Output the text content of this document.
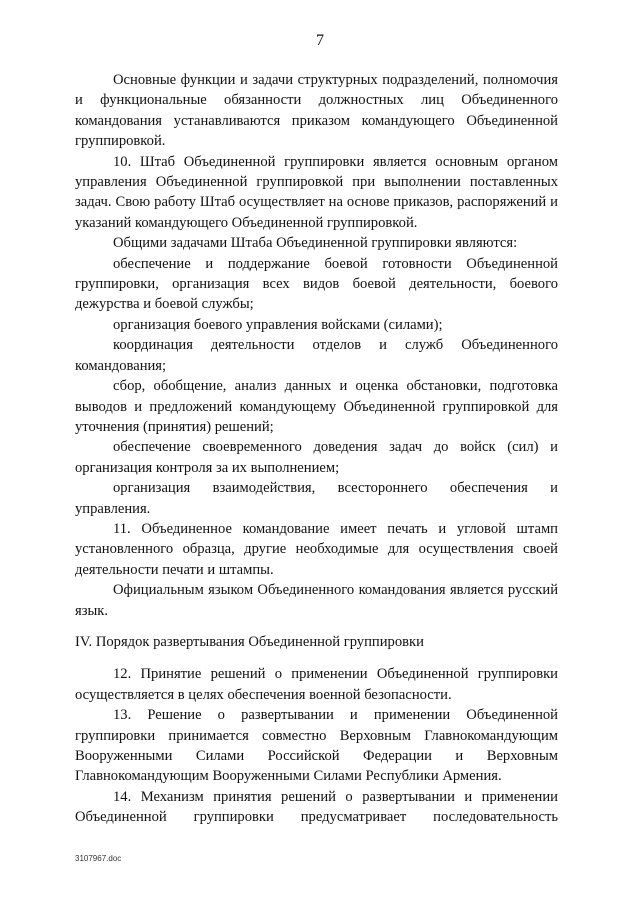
7

Основные функции и задачи структурных подразделений, полномочия и функциональные обязанности должностных лиц Объединенного командования устанавливаются приказом командующего Объединенной группировкой.

10. Штаб Объединенной группировки является основным органом управления Объединенной группировкой при выполнении поставленных задач. Свою работу Штаб осуществляет на основе приказов, распоряжений и указаний командующего Объединенной группировкой.

Общими задачами Штаба Объединенной группировки являются:

обеспечение и поддержание боевой готовности Объединенной группировки, организация всех видов боевой деятельности, боевого дежурства и боевой службы;

организация боевого управления войсками (силами);

координация деятельности отделов и служб Объединенного командования;

сбор, обобщение, анализ данных и оценка обстановки, подготовка выводов и предложений командующему Объединенной группировкой для уточнения (принятия) решений;

обеспечение своевременного доведения задач до войск (сил) и организация контроля за их выполнением;

организация взаимодействия, всестороннего обеспечения и управления.

11. Объединенное командование имеет печать и угловой штамп установленного образца, другие необходимые для осуществления своей деятельности печати и штампы.

Официальным языком Объединенного командования является русский язык.

IV. Порядок развертывания Объединенной группировки

12. Принятие решений о применении Объединенной группировки осуществляется в целях обеспечения военной безопасности.

13. Решение о развертывании и применении Объединенной группировки принимается совместно Верховным Главнокомандующим Вооруженными Силами Российской Федерации и Верховным Главнокомандующим Вооруженными Силами Республики Армения.

14. Механизм принятия решений о развертывании и применении Объединенной группировки предусматривает последовательность

3107967.doc
